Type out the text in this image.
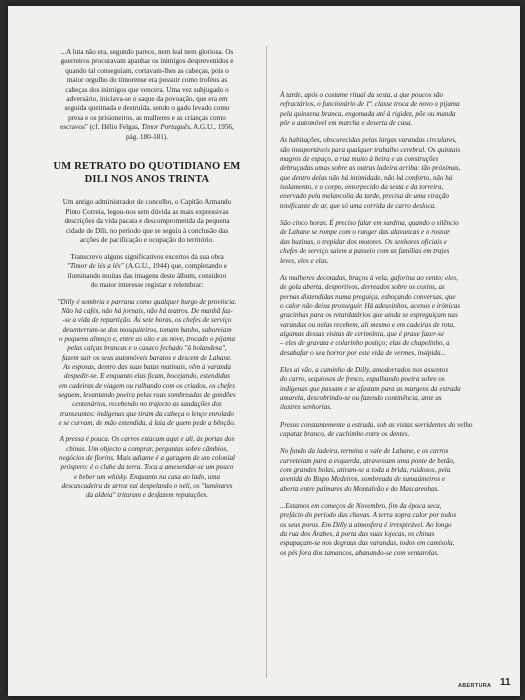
...A luta não era, segundo parece, nem leal nem gloriosa. Os
guerreiros procuravam apanhar os inimigos desprevenidos e
quando tal conseguiam, cortavam-lhes as cabeças, pois o
maior orgulho do timorense era possuir como troféus as
cabeças dos inimigos que vencera. Uma vez subjugado o
adversário, iniciava-se o saque da povoação, que era em
seguida queimada e destruída, sendo o gado levado como
presa e os prisioneiros, as mulheres e as crianças como
escravos" (cf. Hélio Felgas, Timor Português, A.G.U., 1956,
pág. 180-181).

UM RETRATO DO QUOTIDIANO EM
DILI NOS ANOS TRINTA

Um antigo administrador de concelho, o Capitão Armando
Pinto Correia, legou-nos sem dúvida as mais expressivas
descrições da vida pacata e descomprometida da pequena
cidade de Díli, no período que se seguiu à conclusão das
acções de pacificação e ocupação do território.

Transcrevo alguns significativos excertos da sua obra
"Timor de lés a lés" (A.G.U., 1944) que, completando e
iluminando muitas das imagens deste álbum, considero
do maior interesse registar e relembrar:

"Dilly é sombria e parrana como qualquer burgo de província.
Não há cafés, não há jornais, não há teatros. De manhã faz-
-se a vida de repartição. Às sete horas, os chefes de serviço
desenterram-se dos mosquiteiros, tomam banho, saboreiam
o pequeno almoço e, entre as oito e as nove, trocado o pijama
pelas calças brancas e o casaco fechado "à holandesa",
fazem sair os seus automóveis baratos e descem de Lahane.
As esposas, dentro das suas batas matinais, vêm à varanda
despedir-se. E enquanto elas ficam, bocejando, estendidas
em cadeiras de viagem ou ralhando com os criados, os chefes
seguem, levantando poeira pelas ruas sombreadas de gondões
centenários, recebendo no trajecto as saudações dos
transeuntes: indígenas que tiram da cabeça o lenço enrolado
e se curvam, de mão estendida, à laia de quem pede a bênção.

A pressa é pouca. Os carros estacam aqui e ali, às portas dos
chinas. Um objecto a comprar, perguntas sobre câmbios,
negócios de florins. Mais adiante é a garagem de um colonial
próspero: é o clube da terra. Toca a amesendar-se um pouco
e beber um whisky. Enquanto na casa ao lado, uma
descascadeira de arroz vai despelando o neli, os "luminares
da aldeia" trituram e desfazem reputações.

À tarde, após o costume ritual da sesta, a que poucos são
refractários, o funcionário de 1ª. classe troca de novo o pijama
pela quinzena branca, engomada até à rigidez, põe ou manda
pôr o automóvel em marcha e deserta de casa.

As habitações, obscurecidas pelas largas varandas circulares,
são insuportáveis para qualquer trabalho cerebral. Os quintais
magros de espaço, a rua muito à beira e as construções
debruçadas umas sobre as outras ladeira arriba: tão próximas,
que dentro delas não há intimidade, não há conforto, não há
isolamento, e o corpo, entorpecido da sesta e da torreira,
enervado pela melancolia da tarde, precisa de uma viração
tonificante de ar, que só uma corrida de carro desloca.

São cinco horas. É preciso falar em surdina, quando o silêncio
de Lahane se rompe com o ranger das alavancas e o rosnar
das buzinas, o trepidar dos motores. Os senhores oficiais e
chefes de serviço saiem a passeio com as famílias em trajes
leves, eles e elas.

As mulheres decotadas, braços à vela, gaforina ao vento; eles,
de gola aberta, desportivos, derreados sobre os coxins, as
pernas distendidas numa preguiça, esboçando conversas, que
o calor não deixa prosseguir. Há adeusinhos, acenos e irónicas
gracinhas para os retardatários que ainda se espreguiçam nas
varandas ou nelas recebem, ali mesmo e em cadeiras de rota,
algumas dessas visitas de cerimónia, que é praxe fazer-se
– eles de gravata e colarinho postiço; elas de chapelinho, a
desabafar o seu horror por este vida de vermes, insípida...

Eles ai vão, a caminho de Dilly, amodorrados nos assentos
do carro, sequiosos de fresco, espalhando poeira sobre os
indígenas que passam e se afastam para as margens da estrada
amarela, descobrindo-se ou fazendo continência, ante as
ilustres senhorias.

Presos constantemente a estrada, sob as vistas sorridentes do velho
capataz branco, de cachimbo entre os dentes.

No fundo da ladeira, termina o vale de Lahane, e os carros
curveteiam para a esquerda, atravessam uma ponte de betão,
com grandes bolas, atiram-se a toda a brida, ruidosos, pela
avenida do Bispo Medeiros, sombreada de sumaúmeiros e
aberta entre palmares do Montalvão e do Mascarenhas.

...Estamos em começos de Novembro, fim da época seca,
prefácio do período das chuvas. A terra sopra calor por todos
os seus poros. Em Dilly a atmosfera é irrespirável. Ao longo
da rua dos Árabes, à porta das suas lojecas, os chinas
espapaçam-se nos degraus das varandas, todos em camisola,
os pés fora dos tamancos, abanando-se com ventarolas.

ABERTURA 11
